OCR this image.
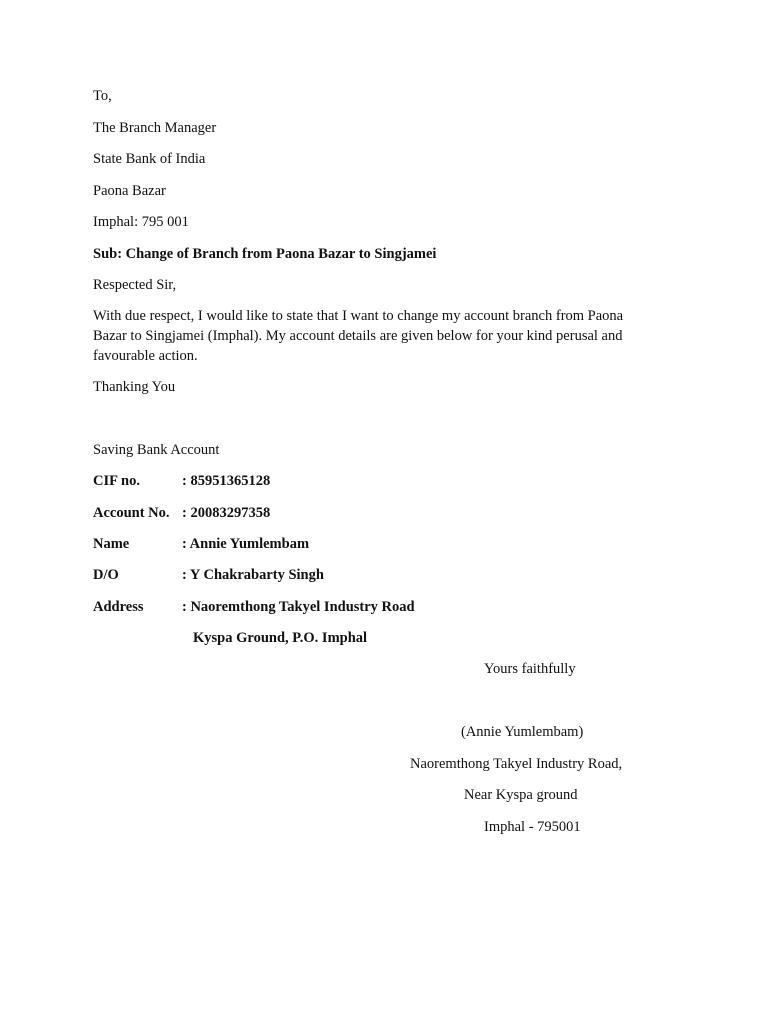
To,
The Branch Manager
State Bank of India
Paona Bazar
Imphal: 795 001
Sub: Change of Branch from Paona Bazar to Singjamei
Respected Sir,
With due respect, I would like to state that I want to change my account branch from Paona
Bazar to Singjamei (Imphal). My account details are given below for your kind perusal and
favourable action.
Thanking You
Saving Bank Account
CIF no.	: 85951365128
Account No. : 20083297358
Name	: Annie Yumlembam
D/O	: Y Chakrabarty Singh
Address	: Naoremthong Takyel Industry Road
Kyspa Ground, P.O. Imphal
Yours faithfully
(Annie Yumlembam)
Naoremthong Takyel Industry Road,
Near Kyspa ground
Imphal - 795001
